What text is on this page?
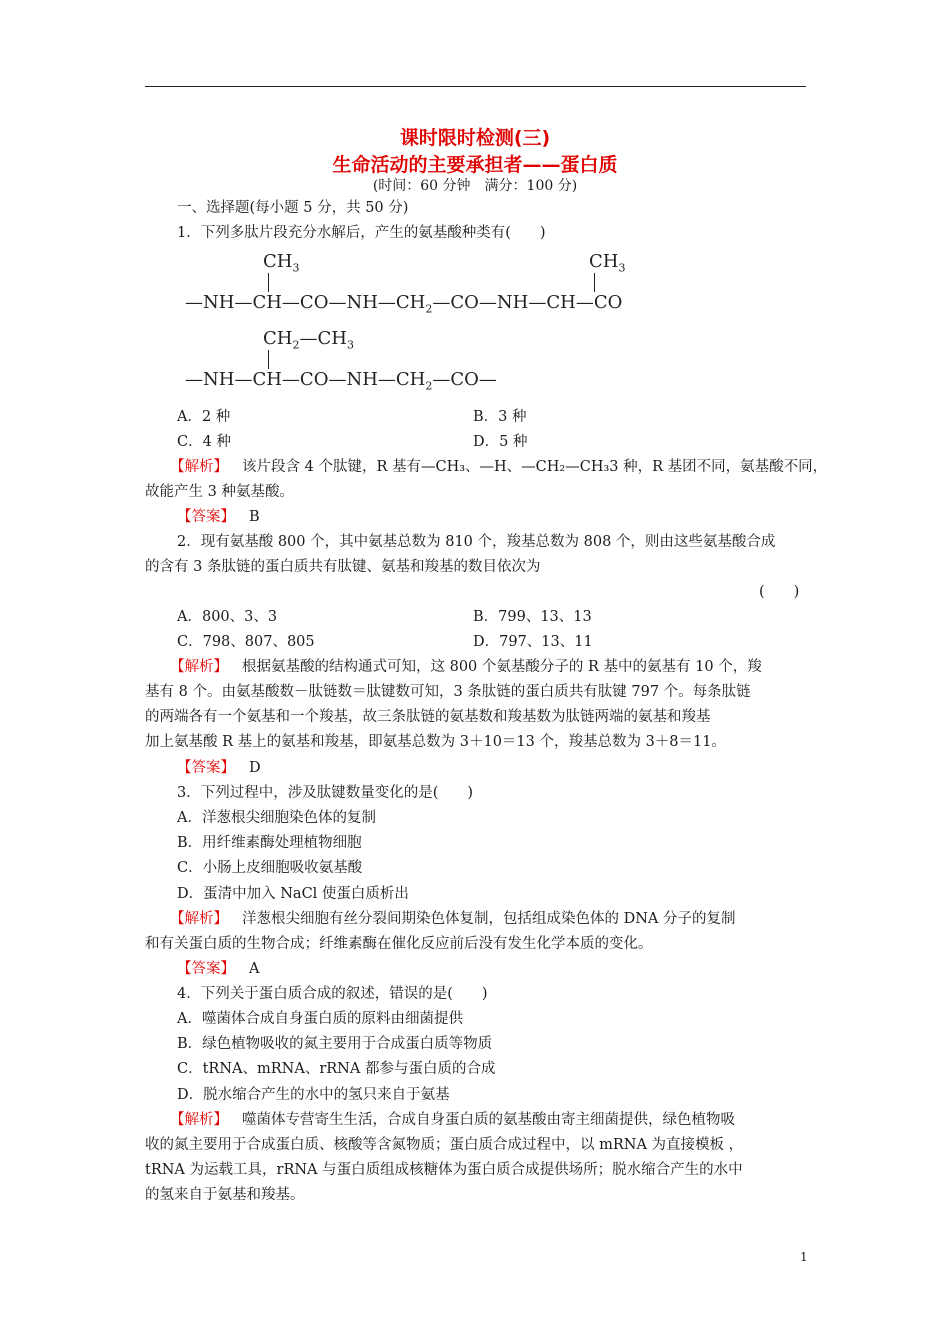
课时限时检测(三)
生命活动的主要承担者——蛋白质
(时间：60 分钟　满分：100 分)
一、选择题(每小题 5 分，共 50 分)
1．下列多肽片段充分水解后，产生的氨基酸种类有(　　)
$CH_3$	$CH_3$
$—NH—CH—CO—NH—CH_2—CO—NH—CH—CO$
$CH_2—CH_3$
$—NH—CH—CO—NH—CH_2—CO—$
A．2 种	B．3 种
C．4 种	D．5 种
【解析】 该片段含 4 个肽键，R 基有—CH₃、—H、—CH₂—CH₃3 种，R 基团不同，氨基酸不同，
故能产生 3 种氨基酸。
【答案】 B
2．现有氨基酸 800 个，其中氨基总数为 810 个，羧基总数为 808 个，则由这些氨基酸合成
的含有 3 条肽链的蛋白质共有肽键、氨基和羧基的数目依次为
(　　)
A．800、3、3	B．799、13、13
C．798、807、805	D．797、13、11
【解析】 根据氨基酸的结构通式可知，这 800 个氨基酸分子的 R 基中的氨基有 10 个，羧
基有 8 个。由氨基酸数－肽链数＝肽键数可知，3 条肽链的蛋白质共有肽键 797 个。每条肽链
的两端各有一个氨基和一个羧基，故三条肽链的氨基数和羧基数为肽链两端的氨基和羧基
加上氨基酸 R 基上的氨基和羧基，即氨基总数为 3＋10＝13 个，羧基总数为 3＋8＝11。
【答案】 D
3．下列过程中，涉及肽键数量变化的是(　　)
A．洋葱根尖细胞染色体的复制
B．用纤维素酶处理植物细胞
C．小肠上皮细胞吸收氨基酸
D．蛋清中加入 NaCl 使蛋白质析出
【解析】 洋葱根尖细胞有丝分裂间期染色体复制，包括组成染色体的 DNA 分子的复制
和有关蛋白质的生物合成；纤维素酶在催化反应前后没有发生化学本质的变化。
【答案】 A
4．下列关于蛋白质合成的叙述，错误的是(　　)
A．噬菌体合成自身蛋白质的原料由细菌提供
B．绿色植物吸收的氮主要用于合成蛋白质等物质
C．tRNA、mRNA、rRNA 都参与蛋白质的合成
D．脱水缩合产生的水中的氢只来自于氨基
【解析】 噬菌体专营寄生生活，合成自身蛋白质的氨基酸由寄主细菌提供，绿色植物吸
收的氮主要用于合成蛋白质、核酸等含氮物质；蛋白质合成过程中，以 mRNA 为直接模板 ，
tRNA 为运载工具，rRNA 与蛋白质组成核糖体为蛋白质合成提供场所；脱水缩合产生的水中
的氢来自于氨基和羧基。
1
